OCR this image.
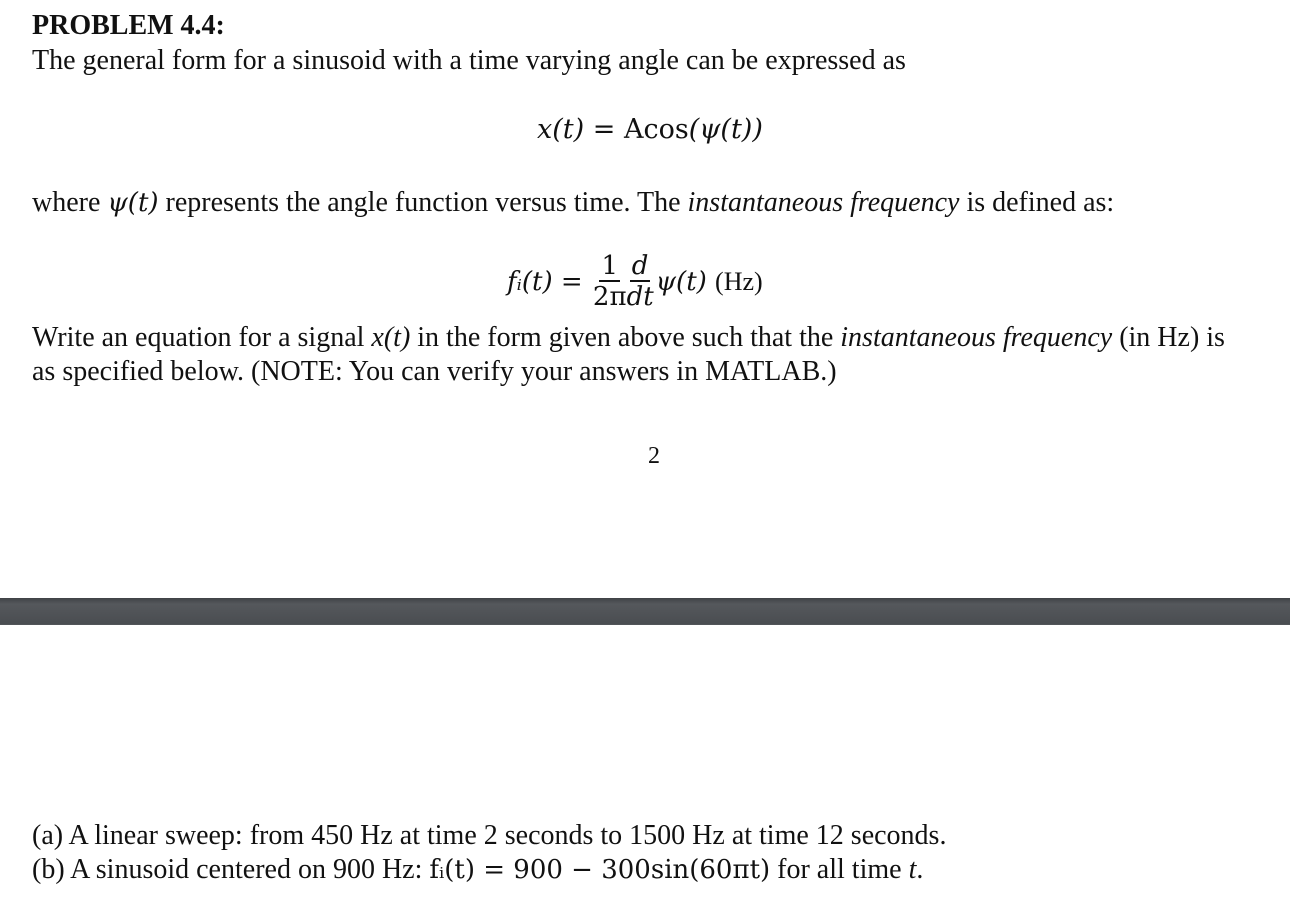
PROBLEM 4.4:
The general form for a sinusoid with a time varying angle can be expressed as
x(t) = Acos(ψ(t))
where ψ(t) represents the angle function versus time. The instantaneous frequency is defined as:
fᵢ(t) = $\frac{1}{2\pi} \frac{d}{dt} \psi(t)$ (Hz)
Write an equation for a signal x(t) in the form given above such that the instantaneous frequency (in Hz) is
as specified below. (NOTE: You can verify your answers in MATLAB.)
2
(a) A linear sweep: from 450 Hz at time 2 seconds to 1500 Hz at time 12 seconds.
(b) A sinusoid centered on 900 Hz: fᵢ(t) = 900 − 300sin(60πt) for all time t.
